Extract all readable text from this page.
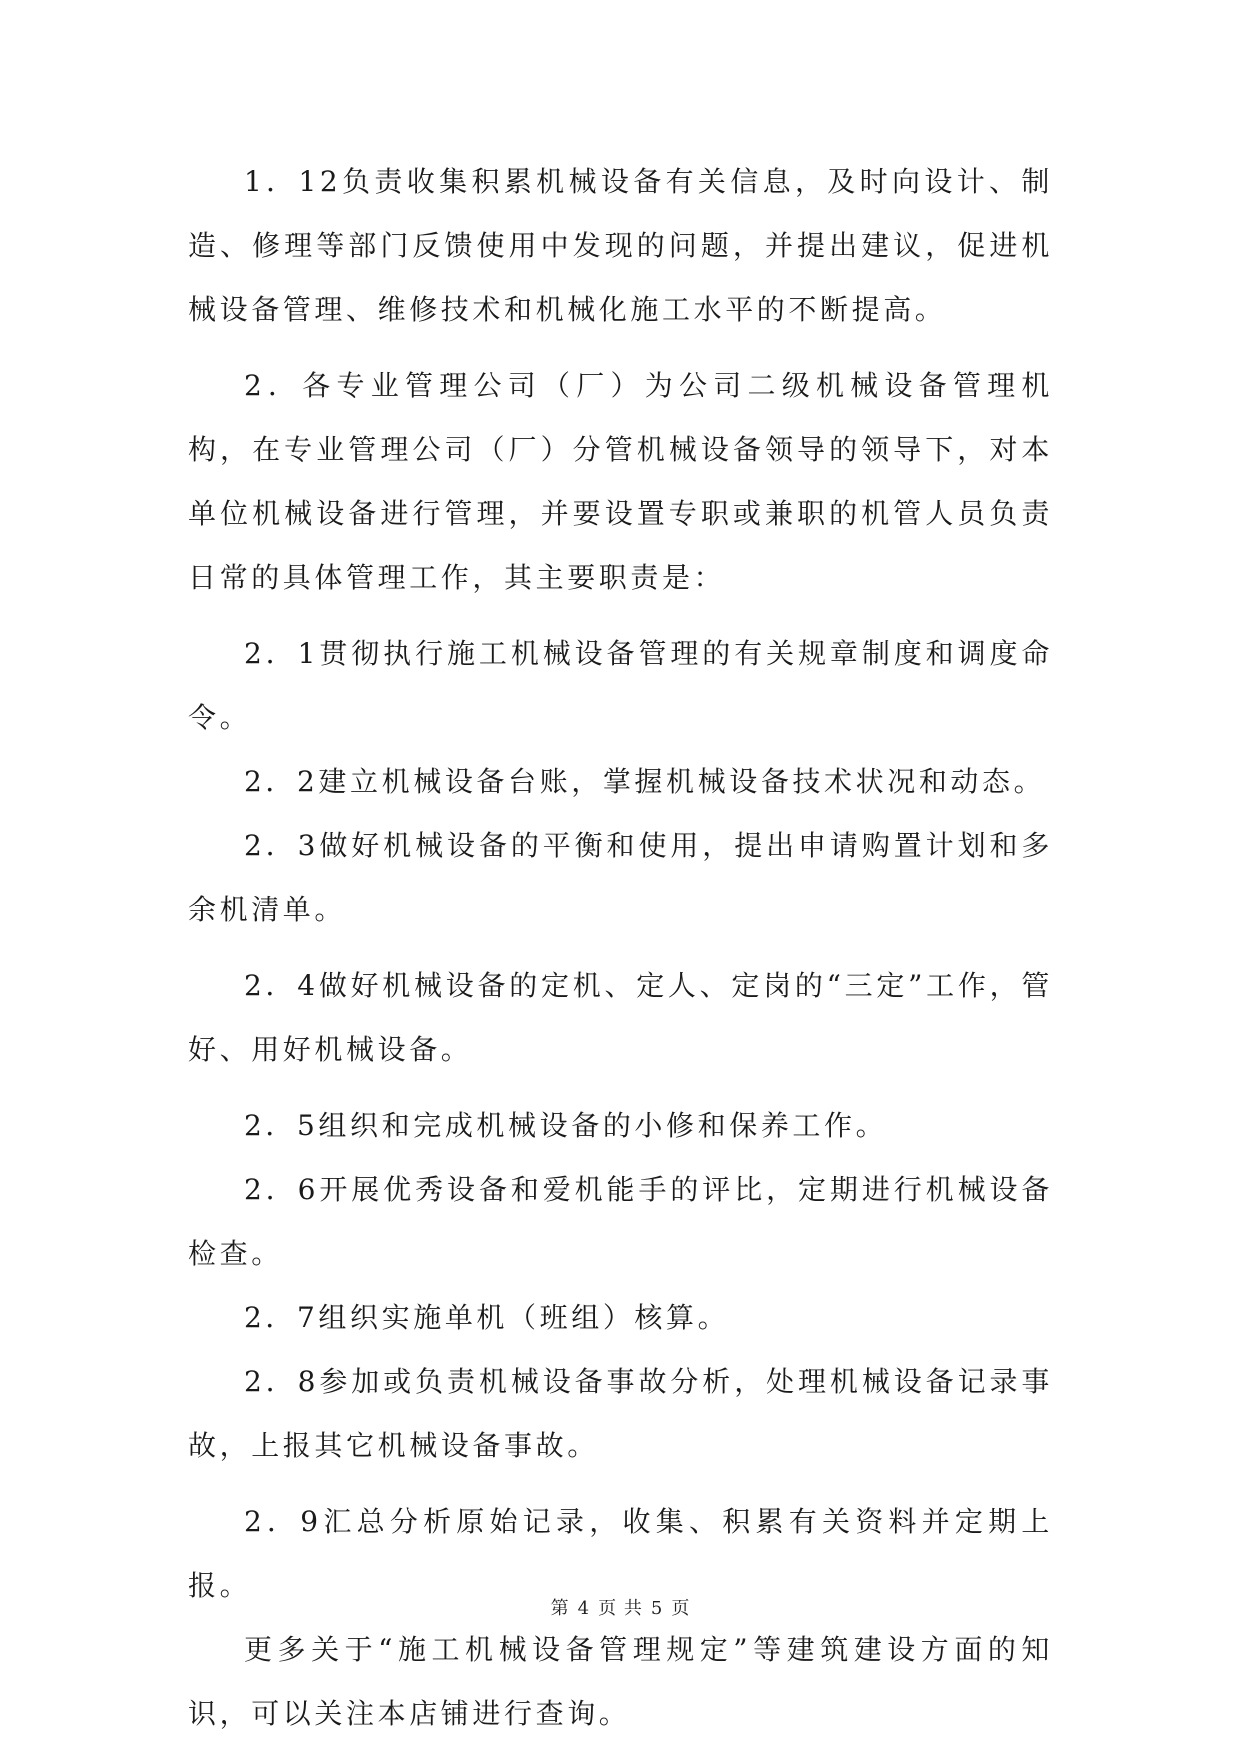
1．12负责收集积累机械设备有关信息，及时向设计、制造、修理等部门反馈使用中发现的问题，并提出建议，促进机械设备管理、维修技术和机械化施工水平的不断提高。

2．各专业管理公司（厂）为公司二级机械设备管理机构，在专业管理公司（厂）分管机械设备领导的领导下，对本单位机械设备进行管理，并要设置专职或兼职的机管人员负责日常的具体管理工作，其主要职责是：

2．1贯彻执行施工机械设备管理的有关规章制度和调度命令。

2．2建立机械设备台账，掌握机械设备技术状况和动态。

2．3做好机械设备的平衡和使用，提出申请购置计划和多余机清单。

2．4做好机械设备的定机、定人、定岗的“三定”工作，管好、用好机械设备。

2．5组织和完成机械设备的小修和保养工作。

2．6开展优秀设备和爱机能手的评比，定期进行机械设备检查。

2．7组织实施单机（班组）核算。

2．8参加或负责机械设备事故分析，处理机械设备记录事故，上报其它机械设备事故。

2．9汇总分析原始记录，收集、积累有关资料并定期上报。

更多关于“施工机械设备管理规定”等建筑建设方面的知识，可以关注本店铺进行查询。

第 4 页 共 5 页
